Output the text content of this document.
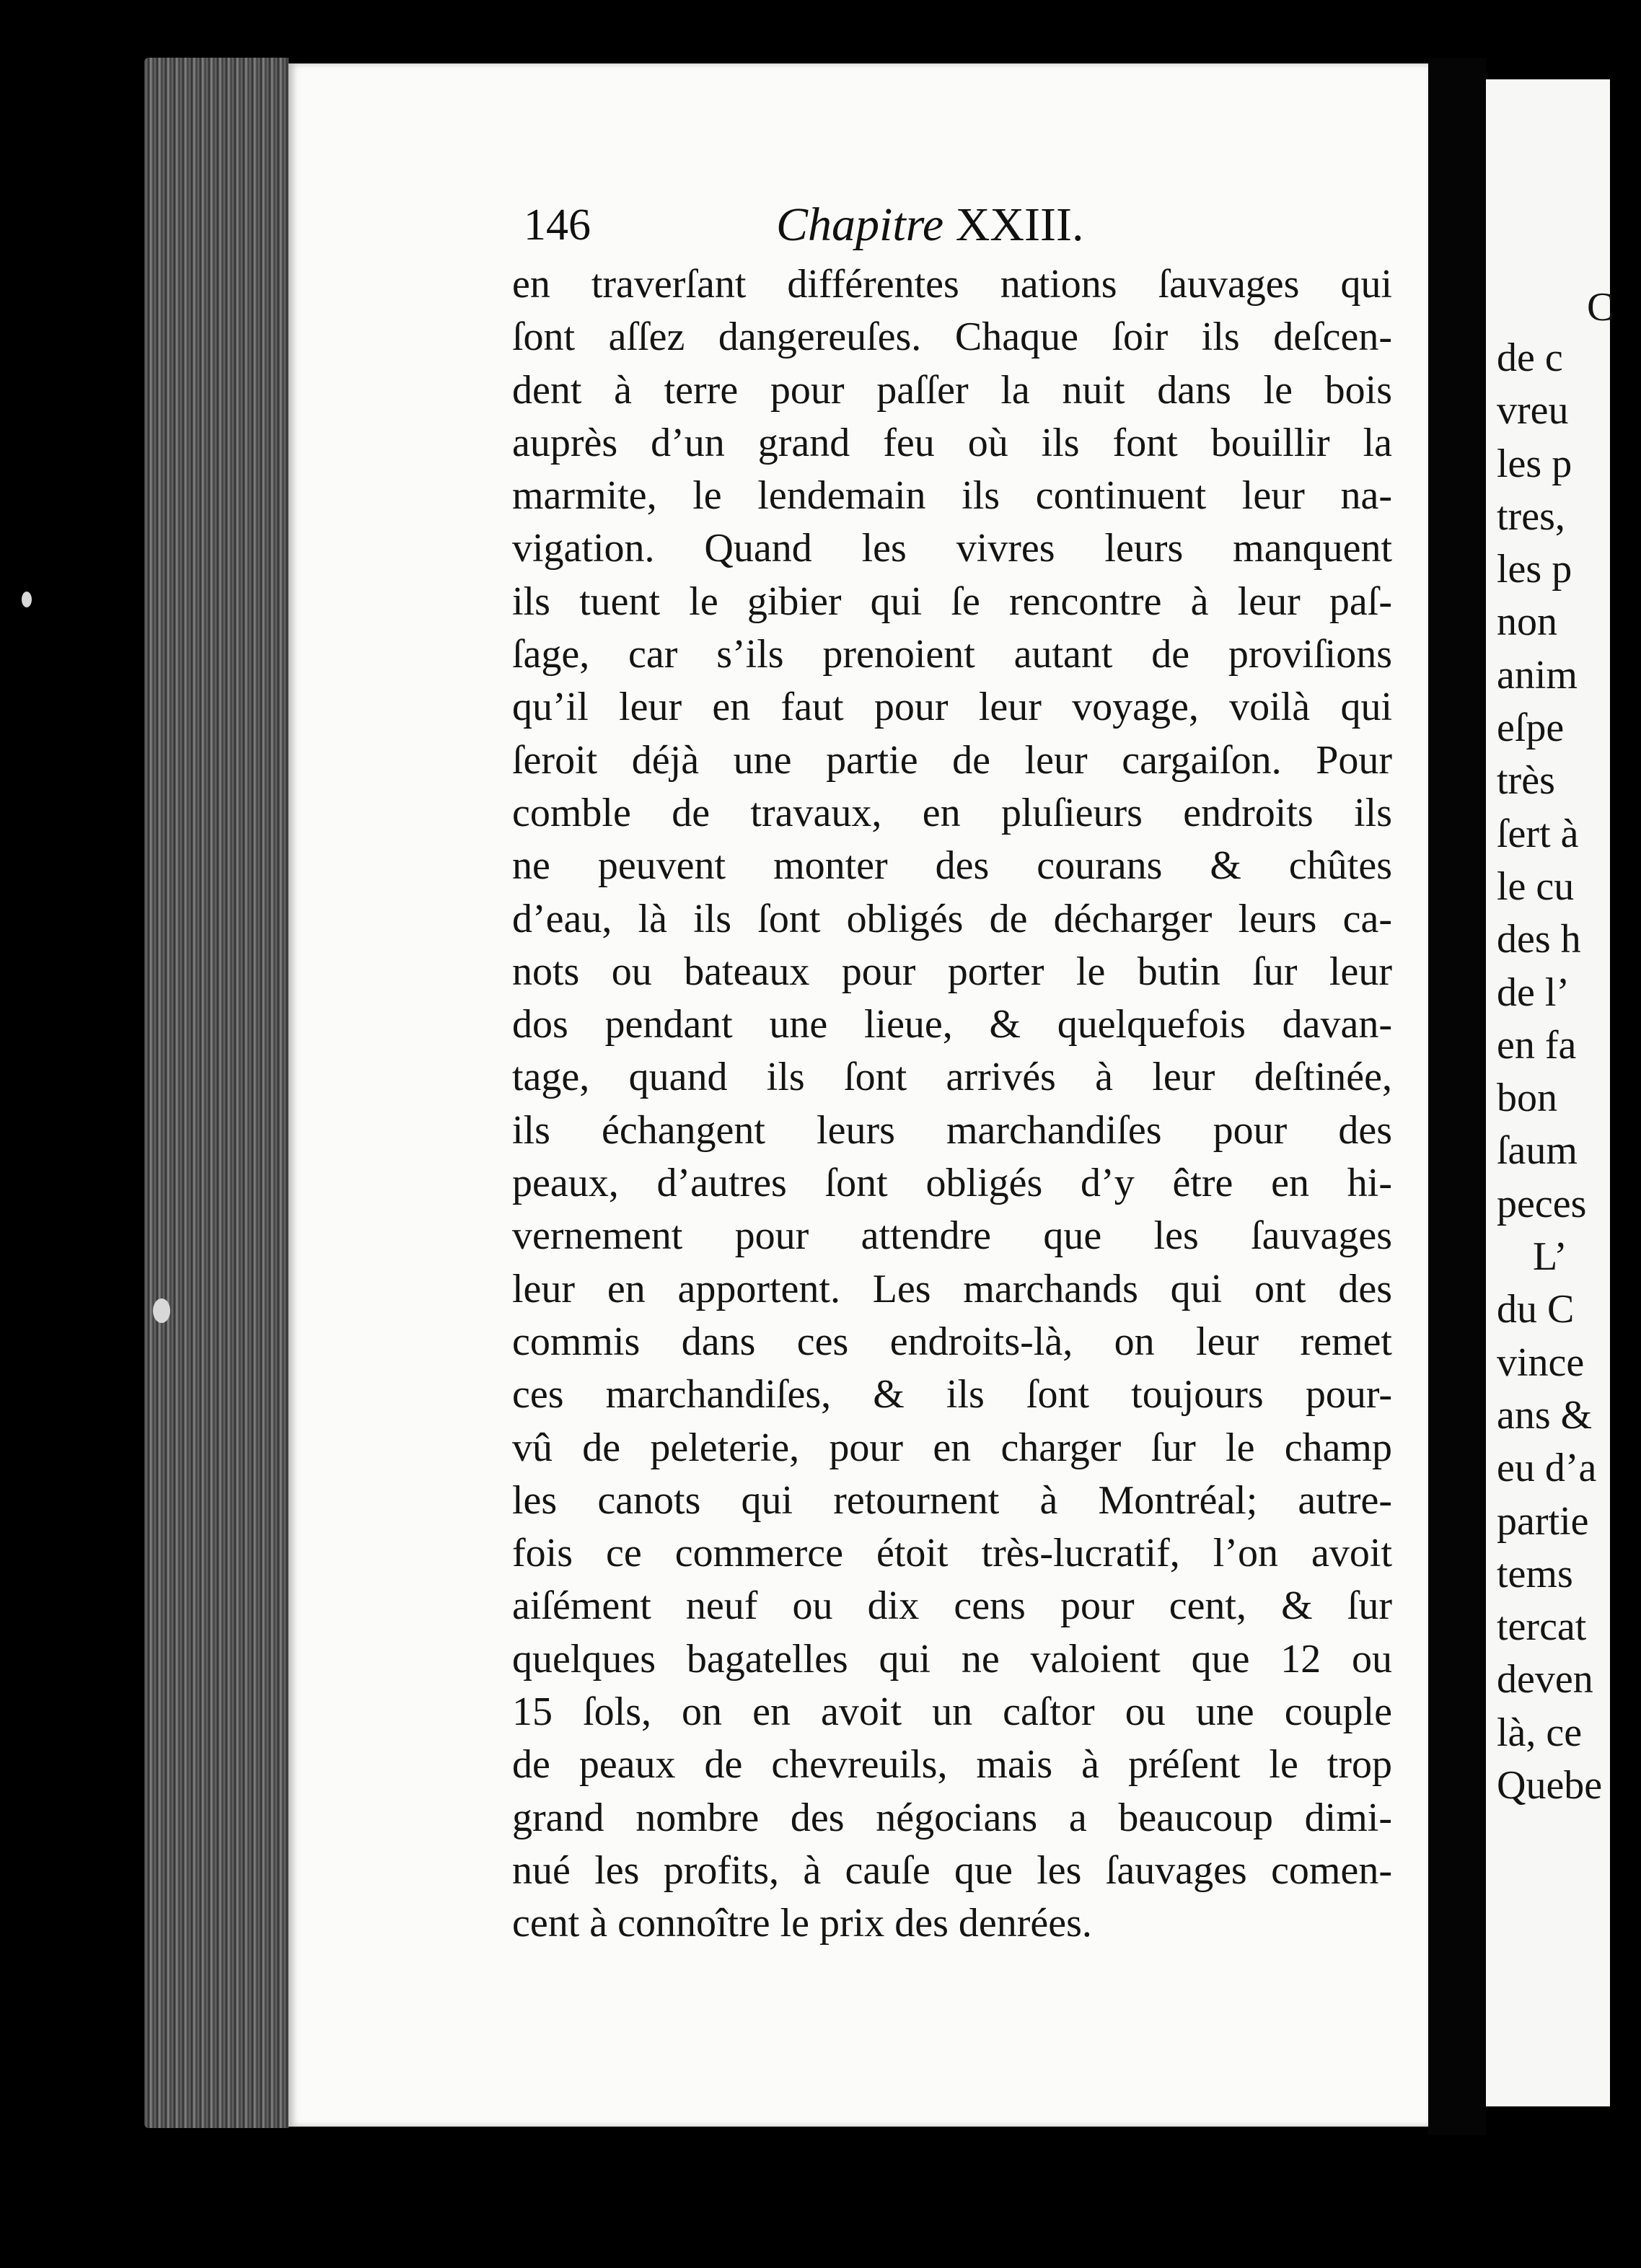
146	Chapitre XXIII.
en traverſant différentes nations ſauvages qui
ſont aſſez dangereuſes. Chaque ſoir ils deſcen-
dent à terre pour paſſer la nuit dans le bois
auprès d’un grand feu où ils font bouillir la
marmite, le lendemain ils continuent leur na-
vigation. Quand les vivres leurs manquent
ils tuent le gibier qui ſe rencontre à leur paſ-
ſage, car s’ils prenoient autant de proviſions
qu’il leur en faut pour leur voyage, voilà qui
ſeroit déjà une partie de leur cargaiſon. Pour
comble de travaux, en pluſieurs endroits ils
ne peuvent monter des courans & chûtes
d’eau, là ils ſont obligés de décharger leurs ca-
nots ou bateaux pour porter le butin ſur leur
dos pendant une lieue, & quelquefois davan-
tage, quand ils ſont arrivés à leur deſtinée,
ils échangent leurs marchandiſes pour des
peaux, d’autres ſont obligés d’y être en hi-
vernement pour attendre que les ſauvages
leur en apportent. Les marchands qui ont des
commis dans ces endroits-là, on leur remet
ces marchandiſes, & ils ſont toujours pour-
vû de peleterie, pour en charger ſur le champ
les canots qui retournent à Montréal; autre-
fois ce commerce étoit très-lucratif, l’on avoit
aiſément neuf ou dix cens pour cent, & ſur
quelques bagatelles qui ne valoient que 12 ou
15 ſols, on en avoit un caſtor ou une couple
de peaux de chevreuils, mais à préſent le trop
grand nombre des négocians a beaucoup dimi-
nué les profits, à cauſe que les ſauvages comen-
cent à connoître le prix des denrées.
C
de c
vreu
les p
tres,
les p
non
anim
eſpe
très
ſert à
le cu
des h
de l’
en fa
bon
ſaum
peces
L’
du C
vince
ans &
eu d’a
partie
tems
tercat
deven
là, ce
Quebe
